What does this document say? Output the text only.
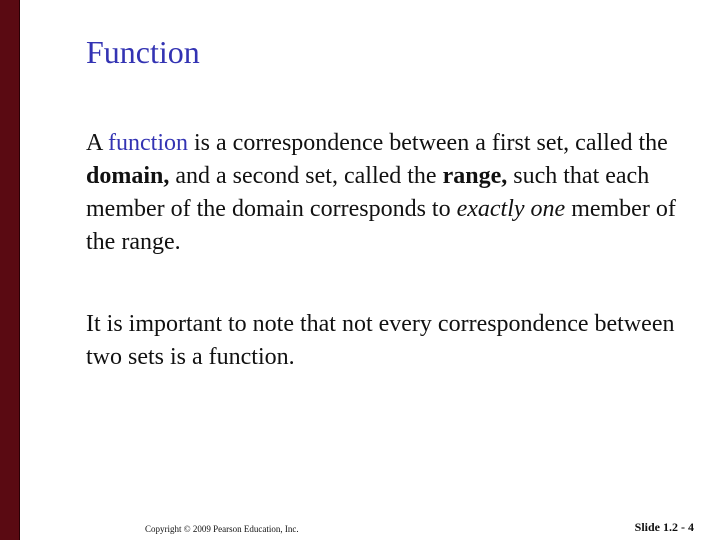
Function

A function is a correspondence between a first set, called the domain, and a second set, called the range, such that each member of the domain corresponds to exactly one member of the range.

It is important to note that not every correspondence between two sets is a function.

Copyright © 2009 Pearson Education, Inc.	Slide 1.2 - 4
